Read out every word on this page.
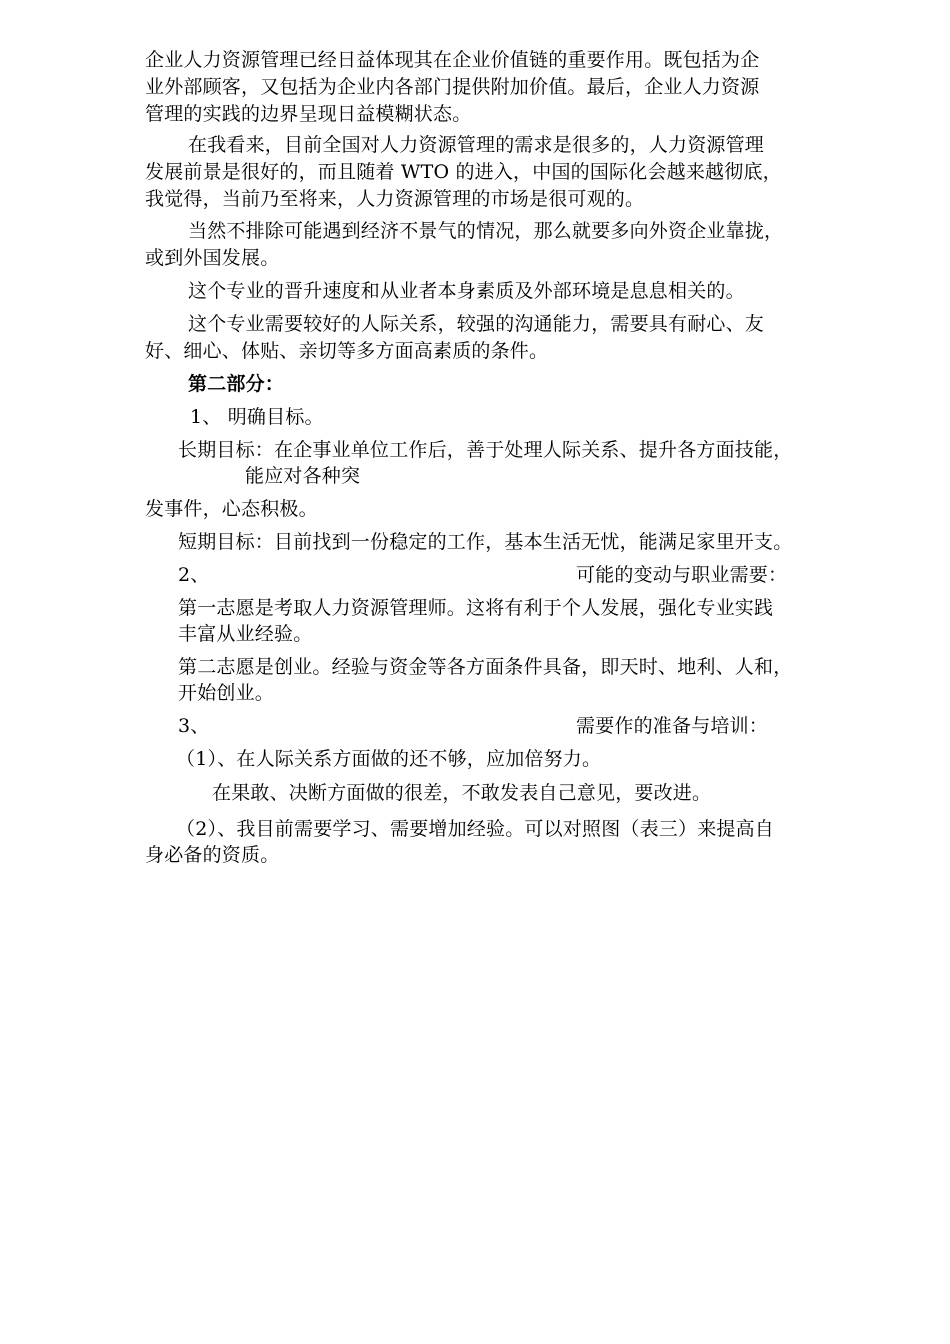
企业人力资源管理已经日益体现其在企业价值链的重要作用。既包括为企
业外部顾客，又包括为企业内各部门提供附加价值。最后，企业人力资源
管理的实践的边界呈现日益模糊状态。
在我看来，目前全国对人力资源管理的需求是很多的，人力资源管理
发展前景是很好的，而且随着 WTO 的进入，中国的国际化会越来越彻底，
我觉得，当前乃至将来，人力资源管理的市场是很可观的。
当然不排除可能遇到经济不景气的情况，那么就要多向外资企业靠拢，
或到外国发展。
这个专业的晋升速度和从业者本身素质及外部环境是息息相关的。
这个专业需要较好的人际关系，较强的沟通能力，需要具有耐心、友
好、细心、体贴、亲切等多方面高素质的条件。
第二部分：
1、 明确目标。
长期目标：在企事业单位工作后，善于处理人际关系、提升各方面技能，
能应对各种突
发事件，心态积极。
短期目标：目前找到一份稳定的工作，基本生活无忧，能满足家里开支。
2、	可能的变动与职业需要：
第一志愿是考取人力资源管理师。这将有利于个人发展，强化专业实践
丰富从业经验。
第二志愿是创业。经验与资金等各方面条件具备，即天时、地利、人和，
开始创业。
3、	需要作的准备与培训：
（1）、在人际关系方面做的还不够，应加倍努力。
在果敢、决断方面做的很差，不敢发表自己意见，要改进。
（2）、我目前需要学习、需要增加经验。可以对照图（表三）来提高自
身必备的资质。
